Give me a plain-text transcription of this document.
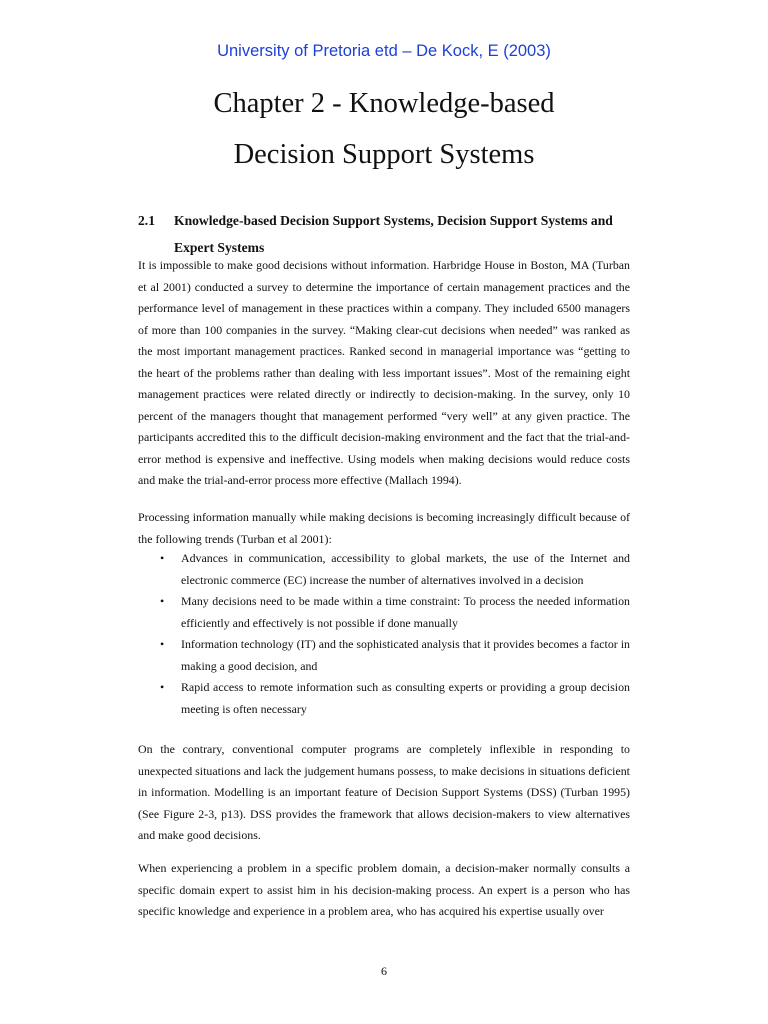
University of Pretoria etd – De Kock, E (2003)
Chapter 2 - Knowledge-based
Decision Support Systems
2.1	Knowledge-based Decision Support Systems, Decision Support Systems and Expert Systems

It is impossible to make good decisions without information. Harbridge House in Boston, MA (Turban et al 2001) conducted a survey to determine the importance of certain management practices and the performance level of management in these practices within a company. They included 6500 managers of more than 100 companies in the survey. “Making clear-cut decisions when needed” was ranked as the most important management practices. Ranked second in managerial importance was “getting to the heart of the problems rather than dealing with less important issues”. Most of the remaining eight management practices were related directly or indirectly to decision-making. In the survey, only 10 percent of the managers thought that management performed “very well” at any given practice. The participants accredited this to the difficult decision-making environment and the fact that the trial-and-error method is expensive and ineffective. Using models when making decisions would reduce costs and make the trial-and-error process more effective (Mallach 1994).

Processing information manually while making decisions is becoming increasingly difficult because of the following trends (Turban et al 2001):

• Advances in communication, accessibility to global markets, the use of the Internet and electronic commerce (EC) increase the number of alternatives involved in a decision
• Many decisions need to be made within a time constraint: To process the needed information efficiently and effectively is not possible if done manually
• Information technology (IT) and the sophisticated analysis that it provides becomes a factor in making a good decision, and
• Rapid access to remote information such as consulting experts or providing a group decision meeting is often necessary

On the contrary, conventional computer programs are completely inflexible in responding to unexpected situations and lack the judgement humans possess, to make decisions in situations deficient in information. Modelling is an important feature of Decision Support Systems (DSS) (Turban 1995) (See Figure 2-3, p13). DSS provides the framework that allows decision-makers to view alternatives and make good decisions.

When experiencing a problem in a specific problem domain, a decision-maker normally consults a specific domain expert to assist him in his decision-making process. An expert is a person who has specific knowledge and experience in a problem area, who has acquired his expertise usually over

6
